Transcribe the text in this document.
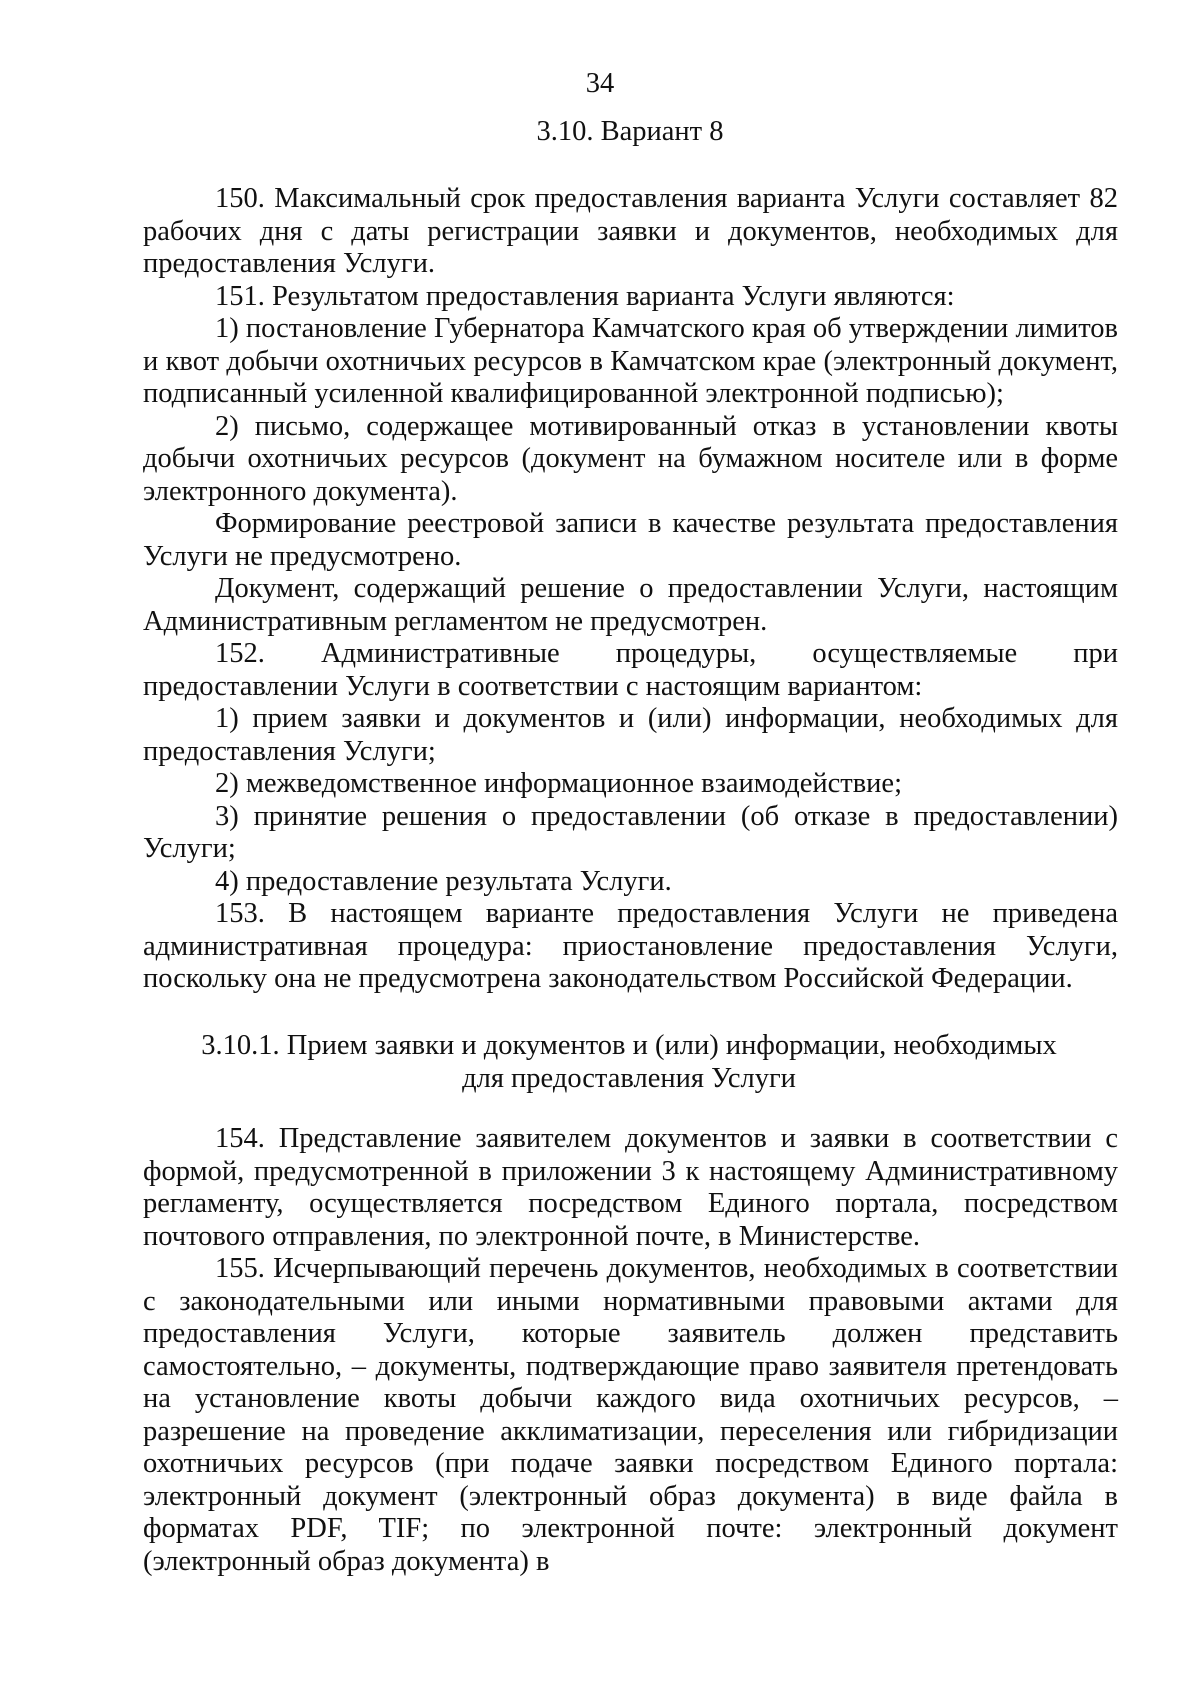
34
3.10. Вариант 8

150. Максимальный срок предоставления варианта Услуги составляет 82 рабочих дня с даты регистрации заявки и документов, необходимых для предоставления Услуги.

151. Результатом предоставления варианта Услуги являются:

1) постановление Губернатора Камчатского края об утверждении лимитов и квот добычи охотничьих ресурсов в Камчатском крае (электронный документ, подписанный усиленной квалифицированной электронной подписью);

2) письмо, содержащее мотивированный отказ в установлении квоты добычи охотничьих ресурсов (документ на бумажном носителе или в форме электронного документа).

Формирование реестровой записи в качестве результата предоставления Услуги не предусмотрено.

Документ, содержащий решение о предоставлении Услуги, настоящим Административным регламентом не предусмотрен.

152. Административные процедуры, осуществляемые при предоставлении Услуги в соответствии с настоящим вариантом:

1) прием заявки и документов и (или) информации, необходимых для предоставления Услуги;

2) межведомственное информационное взаимодействие;

3) принятие решения о предоставлении (об отказе в предоставлении) Услуги;

4) предоставление результата Услуги.

153. В настоящем варианте предоставления Услуги не приведена административная процедура: приостановление предоставления Услуги, поскольку она не предусмотрена законодательством Российской Федерации.

3.10.1. Прием заявки и документов и (или) информации, необходимых
для предоставления Услуги

154. Представление заявителем документов и заявки в соответствии с формой, предусмотренной в приложении 3 к настоящему Административному регламенту, осуществляется посредством Единого портала, посредством почтового отправления, по электронной почте, в Министерстве.

155. Исчерпывающий перечень документов, необходимых в соответствии с законодательными или иными нормативными правовыми актами для предоставления Услуги, которые заявитель должен представить самостоятельно, – документы, подтверждающие право заявителя претендовать на установление квоты добычи каждого вида охотничьих ресурсов, – разрешение на проведение акклиматизации, переселения или гибридизации охотничьих ресурсов (при подаче заявки посредством Единого портала: электронный документ (электронный образ документа) в виде файла в форматах PDF, TIF; по электронной почте: электронный документ (электронный образ документа) в
